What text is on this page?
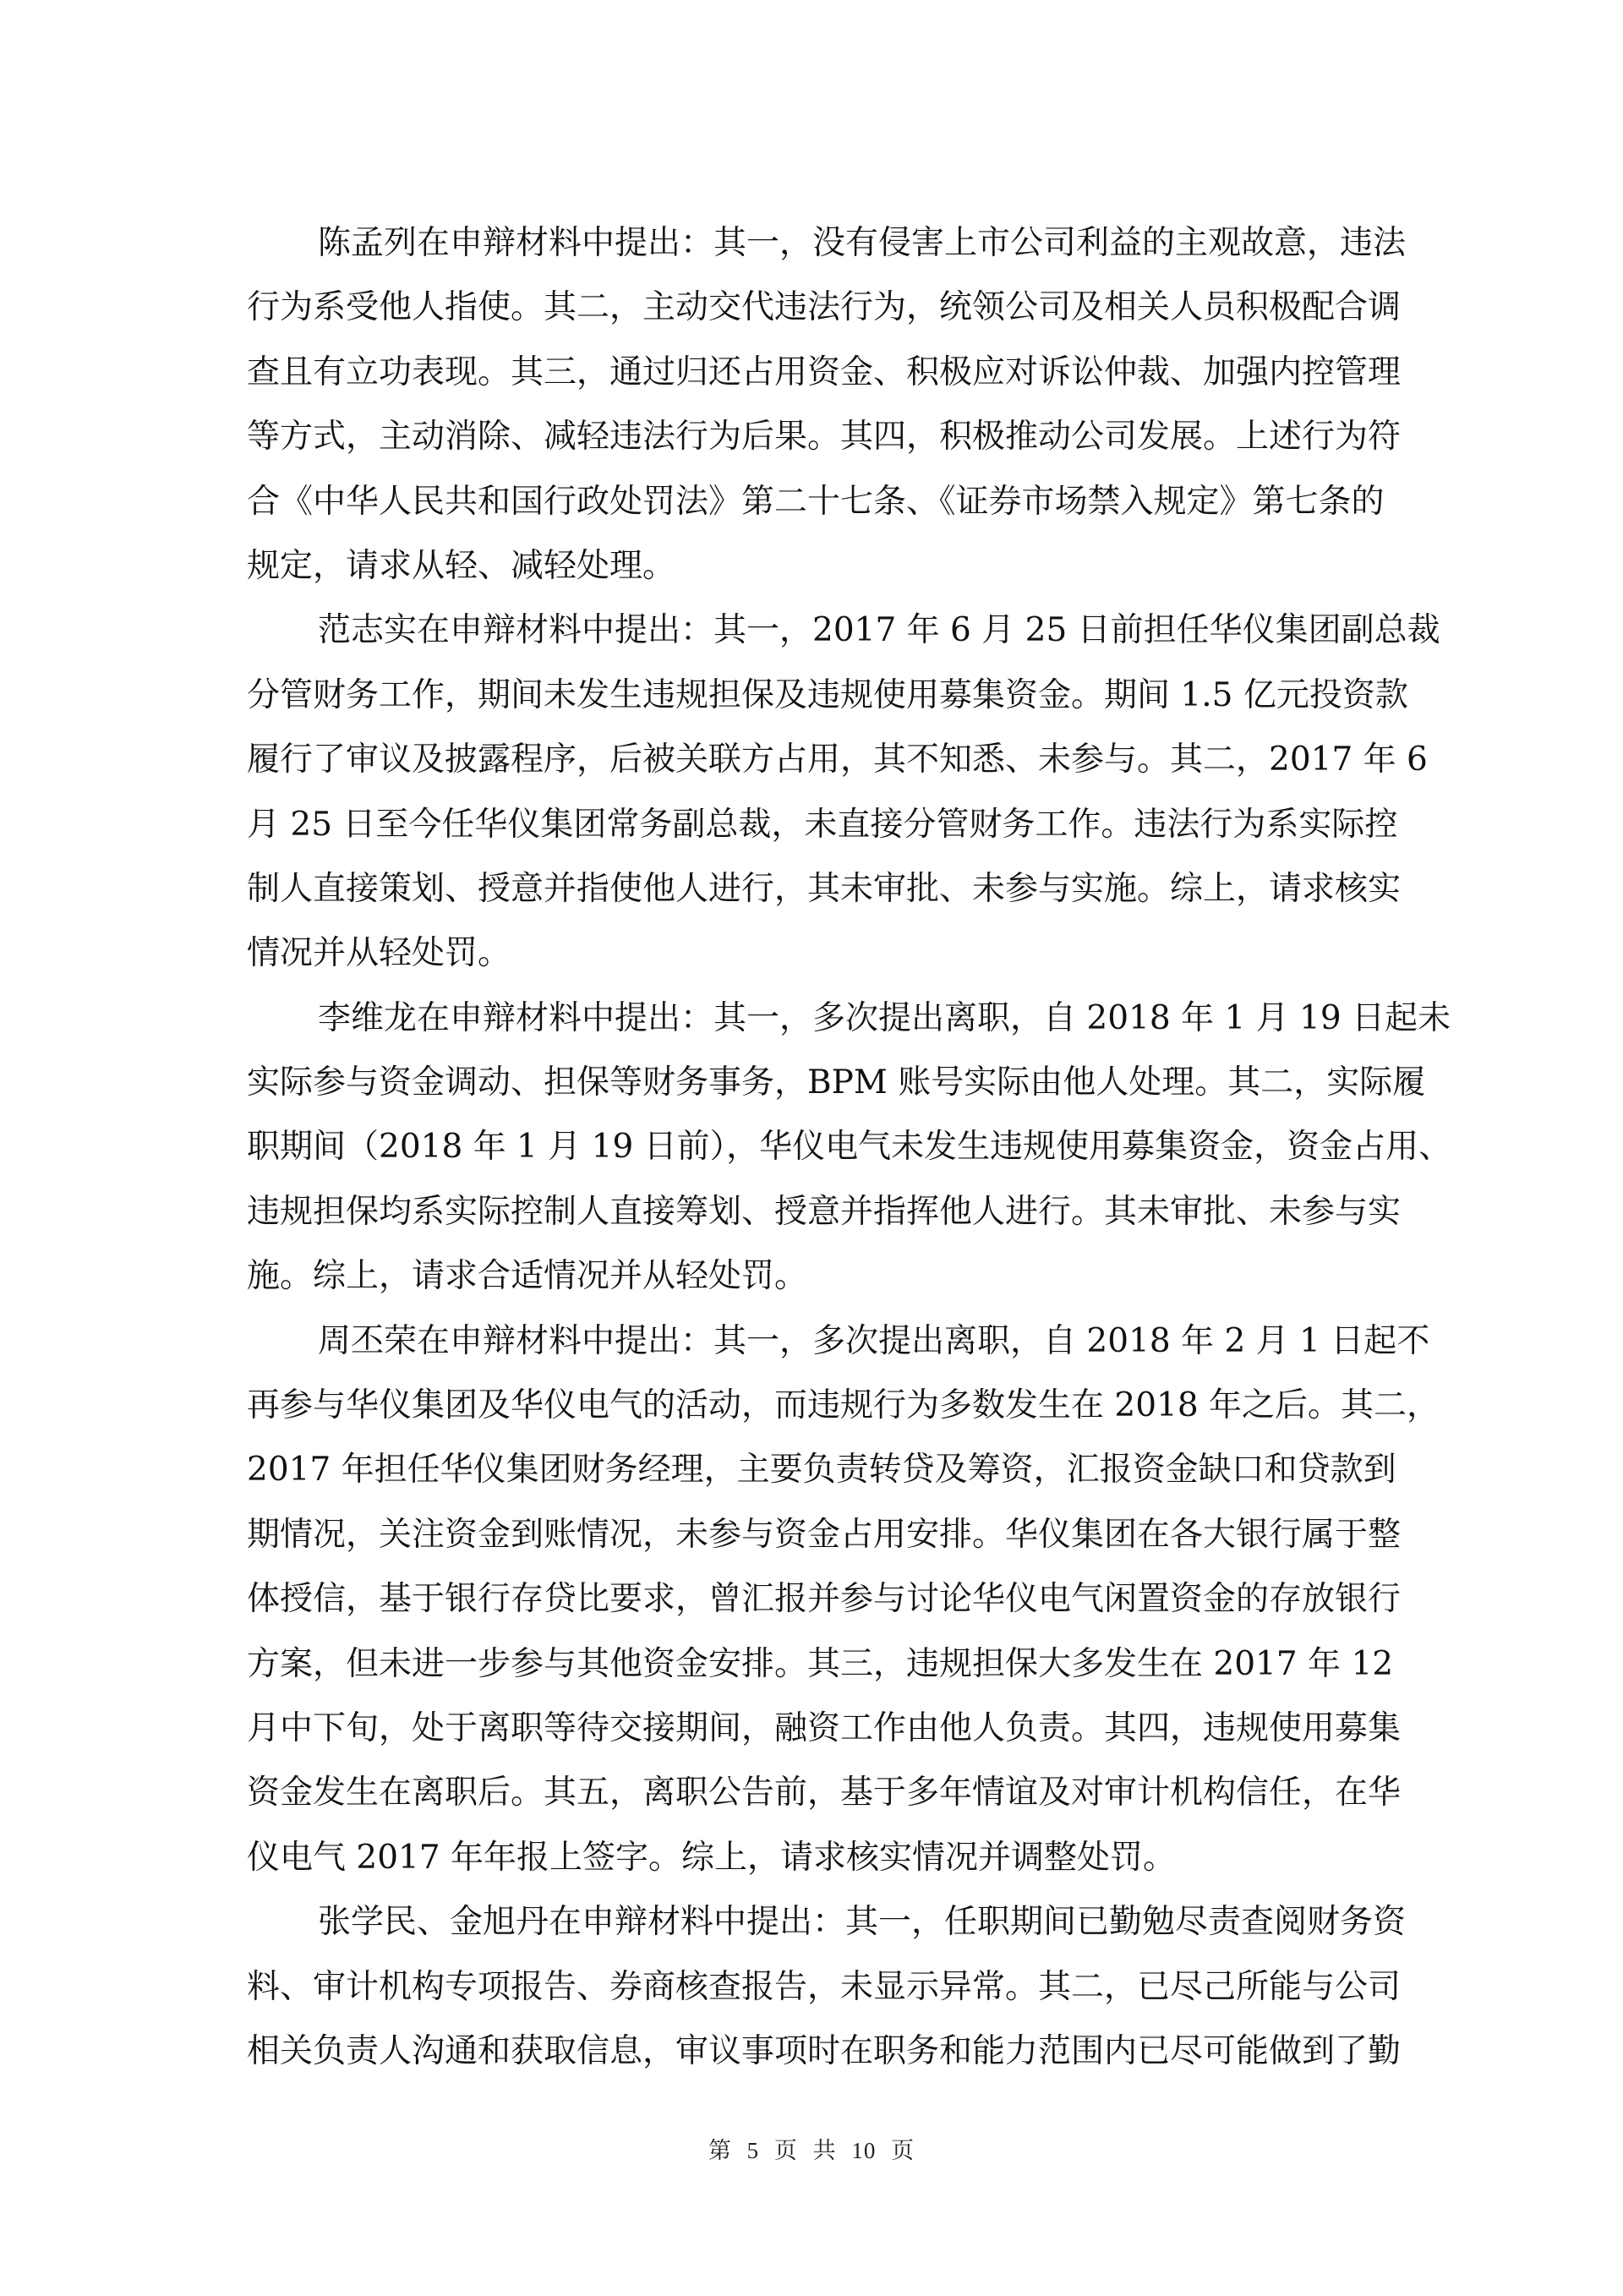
陈孟列在申辩材料中提出：其一，没有侵害上市公司利益的主观故意，违法
行为系受他人指使。其二，主动交代违法行为，统领公司及相关人员积极配合调
查且有立功表现。其三，通过归还占用资金、积极应对诉讼仲裁、加强内控管理
等方式，主动消除、减轻违法行为后果。其四，积极推动公司发展。上述行为符
合《中华人民共和国行政处罚法》第二十七条、《证券市场禁入规定》第七条的
规定，请求从轻、减轻处理。
范志实在申辩材料中提出：其一，2017 年 6 月 25 日前担任华仪集团副总裁
分管财务工作，期间未发生违规担保及违规使用募集资金。期间 1.5 亿元投资款
履行了审议及披露程序，后被关联方占用，其不知悉、未参与。其二，2017 年 6
月 25 日至今任华仪集团常务副总裁，未直接分管财务工作。违法行为系实际控
制人直接策划、授意并指使他人进行，其未审批、未参与实施。综上，请求核实
情况并从轻处罚。
李维龙在申辩材料中提出：其一，多次提出离职，自 2018 年 1 月 19 日起未
实际参与资金调动、担保等财务事务，BPM 账号实际由他人处理。其二，实际履
职期间（2018 年 1 月 19 日前），华仪电气未发生违规使用募集资金，资金占用、
违规担保均系实际控制人直接筹划、授意并指挥他人进行。其未审批、未参与实
施。综上，请求合适情况并从轻处罚。
周丕荣在申辩材料中提出：其一，多次提出离职，自 2018 年 2 月 1 日起不
再参与华仪集团及华仪电气的活动，而违规行为多数发生在 2018 年之后。其二，
2017 年担任华仪集团财务经理，主要负责转贷及筹资，汇报资金缺口和贷款到
期情况，关注资金到账情况，未参与资金占用安排。华仪集团在各大银行属于整
体授信，基于银行存贷比要求，曾汇报并参与讨论华仪电气闲置资金的存放银行
方案，但未进一步参与其他资金安排。其三，违规担保大多发生在 2017 年 12
月中下旬，处于离职等待交接期间，融资工作由他人负责。其四，违规使用募集
资金发生在离职后。其五，离职公告前，基于多年情谊及对审计机构信任，在华
仪电气 2017 年年报上签字。综上，请求核实情况并调整处罚。
张学民、金旭丹在申辩材料中提出：其一，任职期间已勤勉尽责查阅财务资
料、审计机构专项报告、券商核查报告，未显示异常。其二，已尽己所能与公司
相关负责人沟通和获取信息，审议事项时在职务和能力范围内已尽可能做到了勤
第 5 页 共 10 页
